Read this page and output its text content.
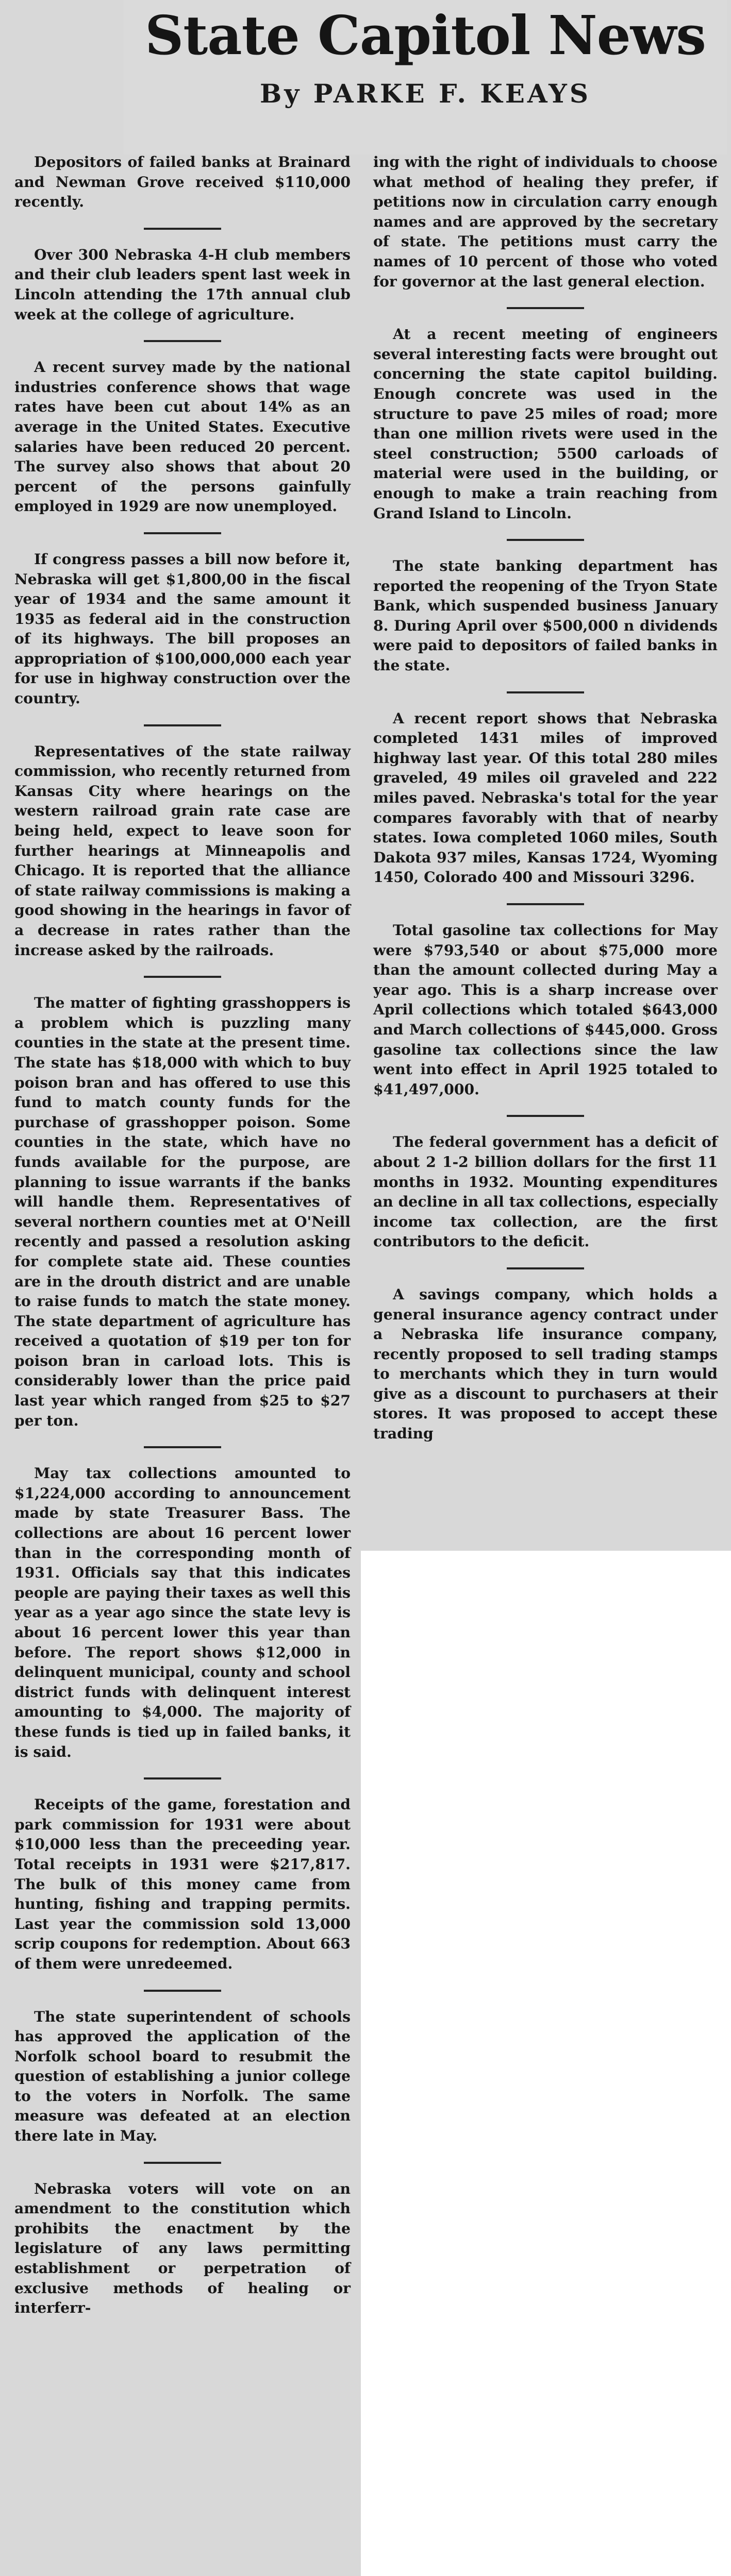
State Capitol News
By PARKE F. KEAYS

Depositors of failed banks at Brainard and Newman Grove received $110,000 recently.

Over 300 Nebraska 4-H club members and their club leaders spent last week in Lincoln attending the 17th annual club week at the college of agriculture.

A recent survey made by the national industries conference shows that wage rates have been cut about 14% as an average in the United States. Executive salaries have been reduced 20 percent. The survey also shows that about 20 percent of the persons gainfully employed in 1929 are now unemployed.

If congress passes a bill now before it, Nebraska will get $1,800,00 in the fiscal year of 1934 and the same amount it 1935 as federal aid in the construction of its highways. The bill proposes an appropriation of $100,000,000 each year for use in highway construction over the country.

Representatives of the state railway commission, who recently returned from Kansas City where hearings on the western railroad grain rate case are being held, expect to leave soon for further hearings at Minneapolis and Chicago. It is reported that the alliance of state railway commissions is making a good showing in the hearings in favor of a decrease in rates rather than the increase asked by the railroads.

The matter of fighting grasshoppers is a problem which is puzzling many counties in the state at the present time. The state has $18,000 with which to buy poison bran and has offered to use this fund to match county funds for the purchase of grasshopper poison. Some counties in the state, which have no funds available for the purpose, are planning to issue warrants if the banks will handle them. Representatives of several northern counties met at O'Neill recently and passed a resolution asking for complete state aid. These counties are in the drouth district and are unable to raise funds to match the state money. The state department of agriculture has received a quotation of $19 per ton for poison bran in carload lots. This is considerably lower than the price paid last year which ranged from $25 to $27 per ton.

May tax collections amounted to $1,224,000 according to announcement made by state Treasurer Bass. The collections are about 16 percent lower than in the corresponding month of 1931. Officials say that this indicates people are paying their taxes as well this year as a year ago since the state levy is about 16 percent lower this year than before. The report shows $12,000 in delinquent municipal, county and school district funds with delinquent interest amounting to $4,000. The majority of these funds is tied up in failed banks, it is said.

Receipts of the game, forestation and park commission for 1931 were about $10,000 less than the preceeding year. Total receipts in 1931 were $217,817. The bulk of this money came from hunting, fishing and trapping permits. Last year the commission sold 13,000 scrip coupons for redemption. About 663 of them were unredeemed.

The state superintendent of schools has approved the application of the Norfolk school board to resubmit the question of establishing a junior college to the voters in Norfolk. The same measure was defeated at an election there late in May.

Nebraska voters will vote on an amendment to the constitution which prohibits the enactment by the legislature of any laws permitting establishment or perpetration of exclusive methods of healing or interferr-

ing with the right of individuals to choose what method of healing they prefer, if petitions now in circulation carry enough names and are approved by the secretary of state. The petitions must carry the names of 10 percent of those who voted for governor at the last general election.

At a recent meeting of engineers several interesting facts were brought out concerning the state capitol building. Enough concrete was used in the structure to pave 25 miles of road; more than one million rivets were used in the steel construction; 5500 carloads of material were used in the building, or enough to make a train reaching from Grand Island to Lincoln.

The state banking department has reported the reopening of the Tryon State Bank, which suspended business January 8. During April over $500,000 n dividends were paid to depositors of failed banks in the state.

A recent report shows that Nebraska completed 1431 miles of improved highway last year. Of this total 280 miles graveled, 49 miles oil graveled and 222 miles paved. Nebraska's total for the year compares favorably with that of nearby states. Iowa completed 1060 miles, South Dakota 937 miles, Kansas 1724, Wyoming 1450, Colorado 400 and Missouri 3296.

Total gasoline tax collections for May were $793,540 or about $75,000 more than the amount collected during May a year ago. This is a sharp increase over April collections which totaled $643,000 and March collections of $445,000. Gross gasoline tax collections since the law went into effect in April 1925 totaled to $41,497,000.

The federal government has a deficit of about 2 1-2 billion dollars for the first 11 months in 1932. Mounting expenditures an decline in all tax collections, especially income tax collection, are the first contributors to the deficit.

A savings company, which holds a general insurance agency contract under a Nebraska life insurance company, recently proposed to sell trading stamps to merchants which they in turn would give as a discount to purchasers at their stores. It was proposed to accept these trading
